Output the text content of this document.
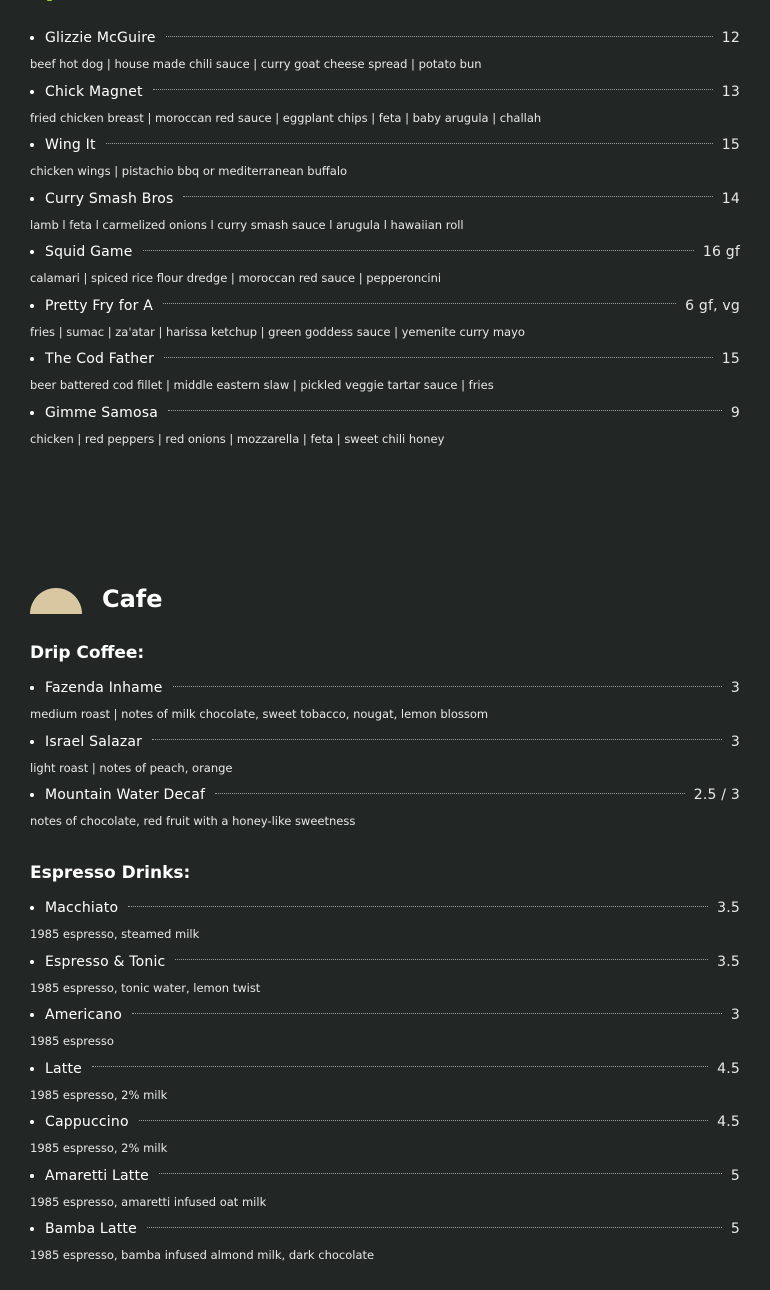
Glizzie McGuire	12
beef hot dog | house made chili sauce | curry goat cheese spread | potato bun
Chick Magnet	13
fried chicken breast | moroccan red sauce | eggplant chips | feta | baby arugula | challah
Wing It	15
chicken wings | pistachio bbq or mediterranean buffalo
Curry Smash Bros	14
lamb l feta l carmelized onions l curry smash sauce l arugula l hawaiian roll
Squid Game	16 gf
calamari | spiced rice flour dredge | moroccan red sauce | pepperoncini
Pretty Fry for A	6 gf, vg
fries | sumac | za'atar | harissa ketchup | green goddess sauce | yemenite curry mayo
The Cod Father	15
beer battered cod fillet | middle eastern slaw | pickled veggie tartar sauce | fries
Gimme Samosa	9
chicken | red peppers | red onions | mozzarella | feta | sweet chili honey
Cafe
Drip Coffee:
Fazenda Inhame	3
medium roast | notes of milk chocolate, sweet tobacco, nougat, lemon blossom
Israel Salazar	3
light roast | notes of peach, orange
Mountain Water Decaf	2.5 / 3
notes of chocolate, red fruit with a honey-like sweetness
Espresso Drinks:
Macchiato	3.5
1985 espresso, steamed milk
Espresso & Tonic	3.5
1985 espresso, tonic water, lemon twist
Americano	3
1985 espresso
Latte	4.5
1985 espresso, 2% milk
Cappuccino	4.5
1985 espresso, 2% milk
Amaretti Latte	5
1985 espresso, amaretti infused oat milk
Bamba Latte	5
1985 espresso, bamba infused almond milk, dark chocolate
